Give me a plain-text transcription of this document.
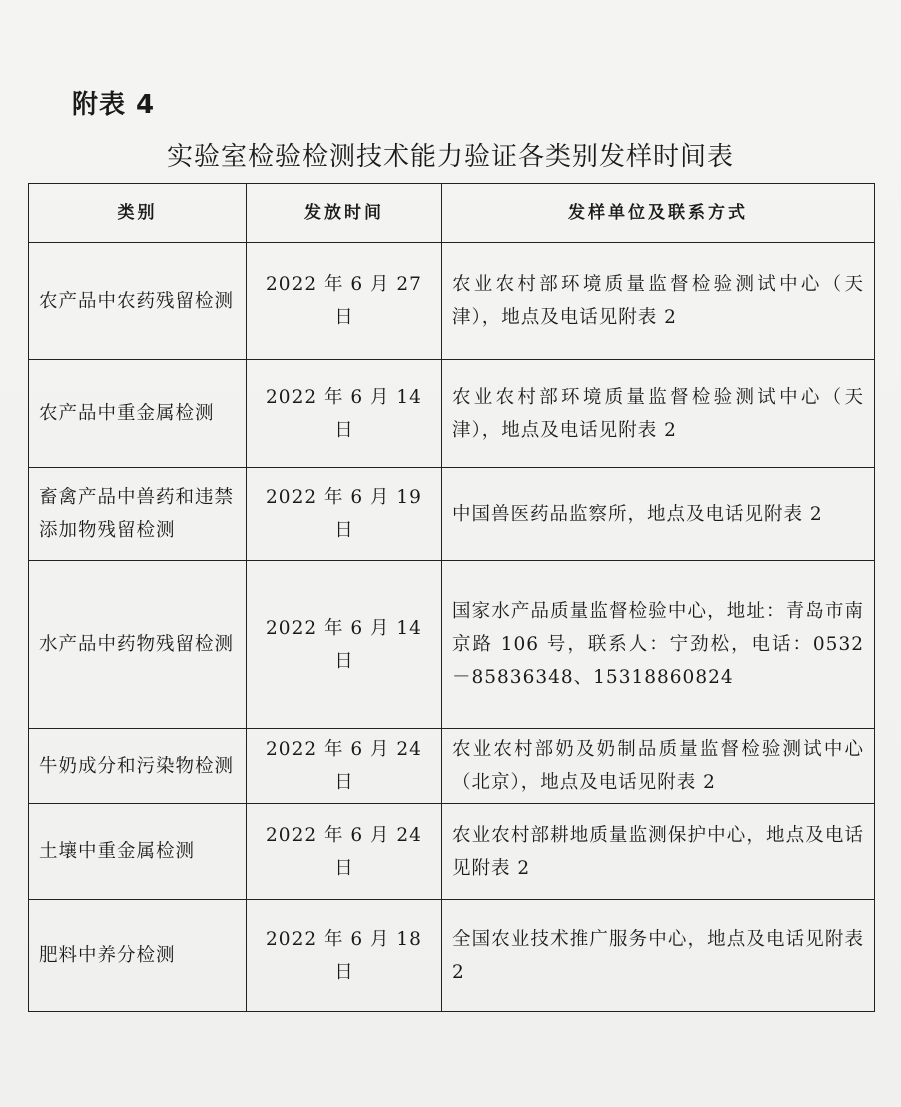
附表 4
实验室检验检测技术能力验证各类别发样时间表
类别	发放时间	发样单位及联系方式
农产品中农药残留检测	2022 年 6 月 27 日	农业农村部环境质量监督检验测试中心（天津），地点及电话见附表 2
农产品中重金属检测	2022 年 6 月 14 日	农业农村部环境质量监督检验测试中心（天津），地点及电话见附表 2
畜禽产品中兽药和违禁添加物残留检测	2022 年 6 月 19 日	中国兽医药品监察所，地点及电话见附表 2
水产品中药物残留检测	2022 年 6 月 14 日	国家水产品质量监督检验中心，地址：青岛市南京路 106 号，联系人：宁劲松，电话：0532－85836348、15318860824
牛奶成分和污染物检测	2022 年 6 月 24 日	农业农村部奶及奶制品质量监督检验测试中心（北京），地点及电话见附表 2
土壤中重金属检测	2022 年 6 月 24 日	农业农村部耕地质量监测保护中心，地点及电话见附表 2
肥料中养分检测	2022 年 6 月 18 日	全国农业技术推广服务中心，地点及电话见附表 2
